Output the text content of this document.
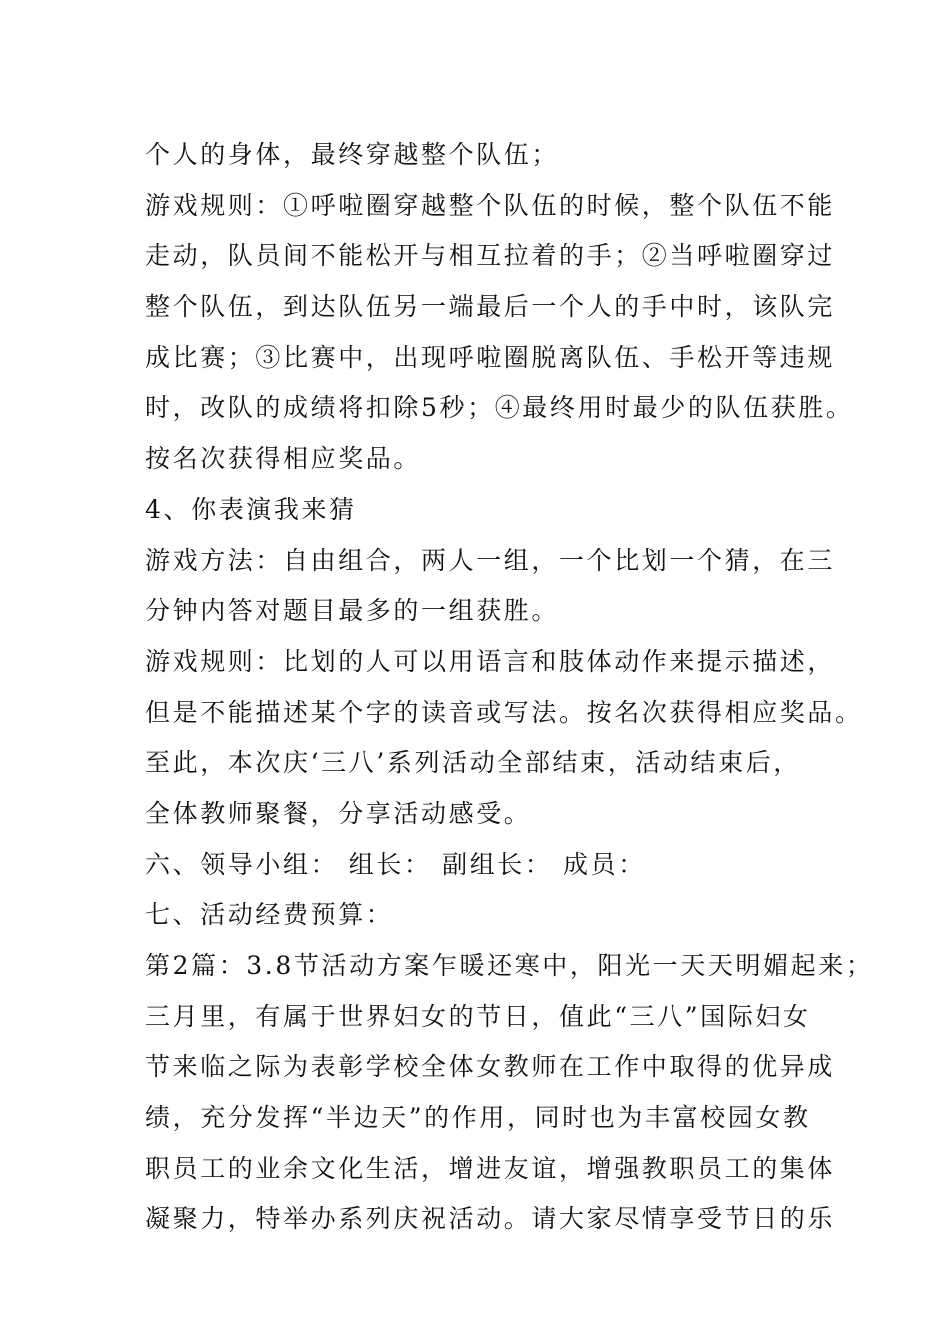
个人的身体，最终穿越整个队伍；
游戏规则：①呼啦圈穿越整个队伍的时候，整个队伍不能
走动，队员间不能松开与相互拉着的手；②当呼啦圈穿过
整个队伍，到达队伍另一端最后一个人的手中时，该队完
成比赛；③比赛中，出现呼啦圈脱离队伍、手松开等违规
时，改队的成绩将扣除5秒；④最终用时最少的队伍获胜。
按名次获得相应奖品。
4、你表演我来猜
游戏方法：自由组合，两人一组，一个比划一个猜，在三
分钟内答对题目最多的一组获胜。
游戏规则：比划的人可以用语言和肢体动作来提示描述，
但是不能描述某个字的读音或写法。按名次获得相应奖品。
至此，本次庆‘三八’系列活动全部结束，活动结束后，
全体教师聚餐，分享活动感受。
六、领导小组： 组长： 副组长： 成员：
七、活动经费预算：
第2篇：3.8节活动方案乍暖还寒中，阳光一天天明媚起来；
三月里，有属于世界妇女的节日，值此“三八”国际妇女
节来临之际为表彰学校全体女教师在工作中取得的优异成
绩，充分发挥“半边天”的作用，同时也为丰富校园女教
职员工的业余文化生活，增进友谊，增强教职员工的集体
凝聚力，特举办系列庆祝活动。请大家尽情享受节日的乐
